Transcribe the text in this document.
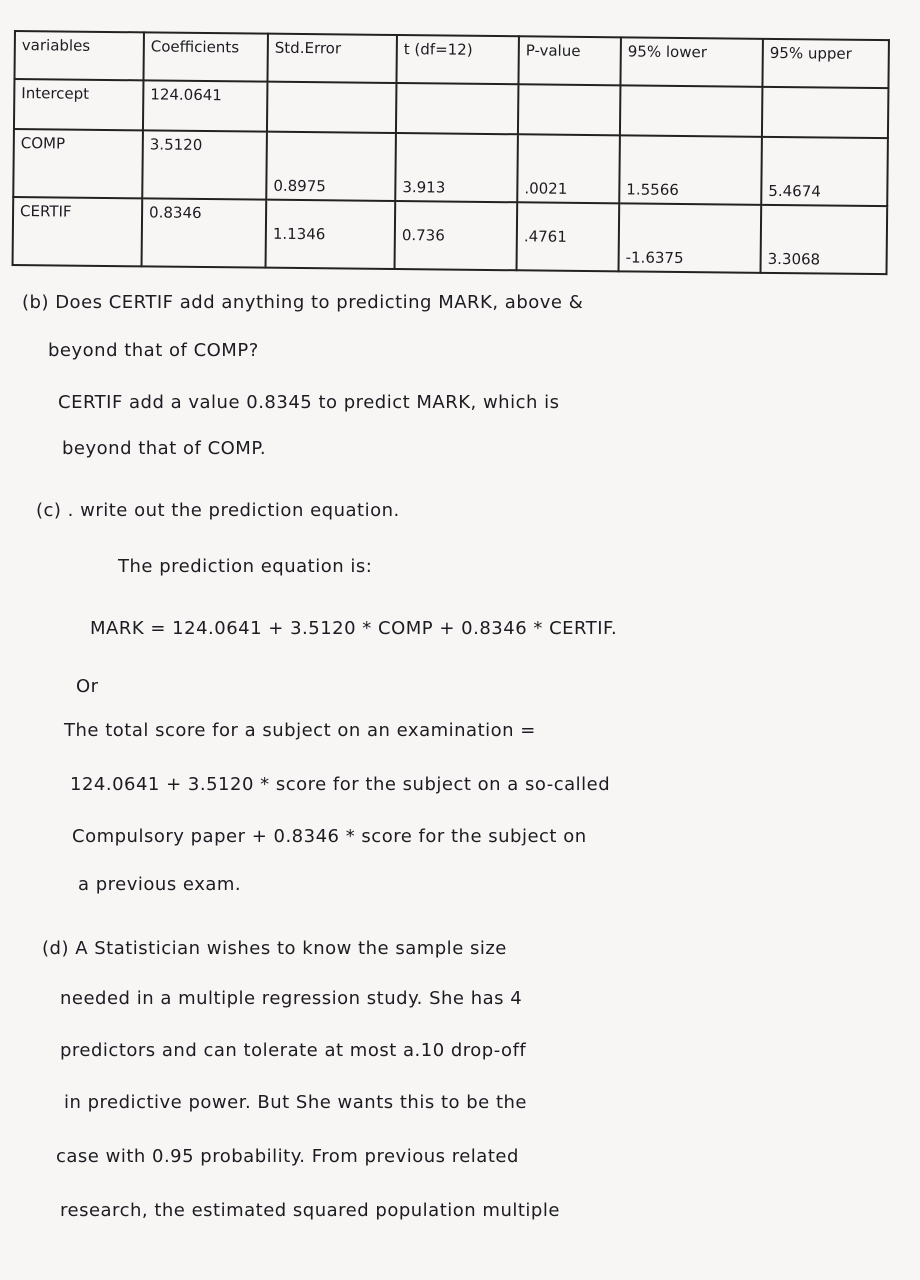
variables	Coefficients	Std.Error	t (df=12)	P-value	95% lower	95% upper
Intercept	124.0641					
COMP	3.5120	0.8975	3.913	.0021	1.5566	5.4674
CERTIF	0.8346	1.1346	0.736	.4761	-1.6375	3.3068
(b) Does CERTIF add anything to predicting MARK, above &
beyond that of COMP?
CERTIF add a value 0.8345 to predict MARK, which is
beyond that of COMP.
(c) . write out the prediction equation.
The prediction equation is:
MARK = 124.0641 + 3.5120 * COMP + 0.8346 * CERTIF.
Or
The total score for a subject on an examination =
124.0641 + 3.5120 * score for the subject on a so-called
Compulsory paper + 0.8346 * score for the subject on
a previous exam.
(d) A Statistician wishes to know the sample size
needed in a multiple regression study. She has 4
predictors and can tolerate at most a.10 drop-off
in predictive power. But She wants this to be the
case with 0.95 probability. From previous related
research, the estimated squared population multiple
